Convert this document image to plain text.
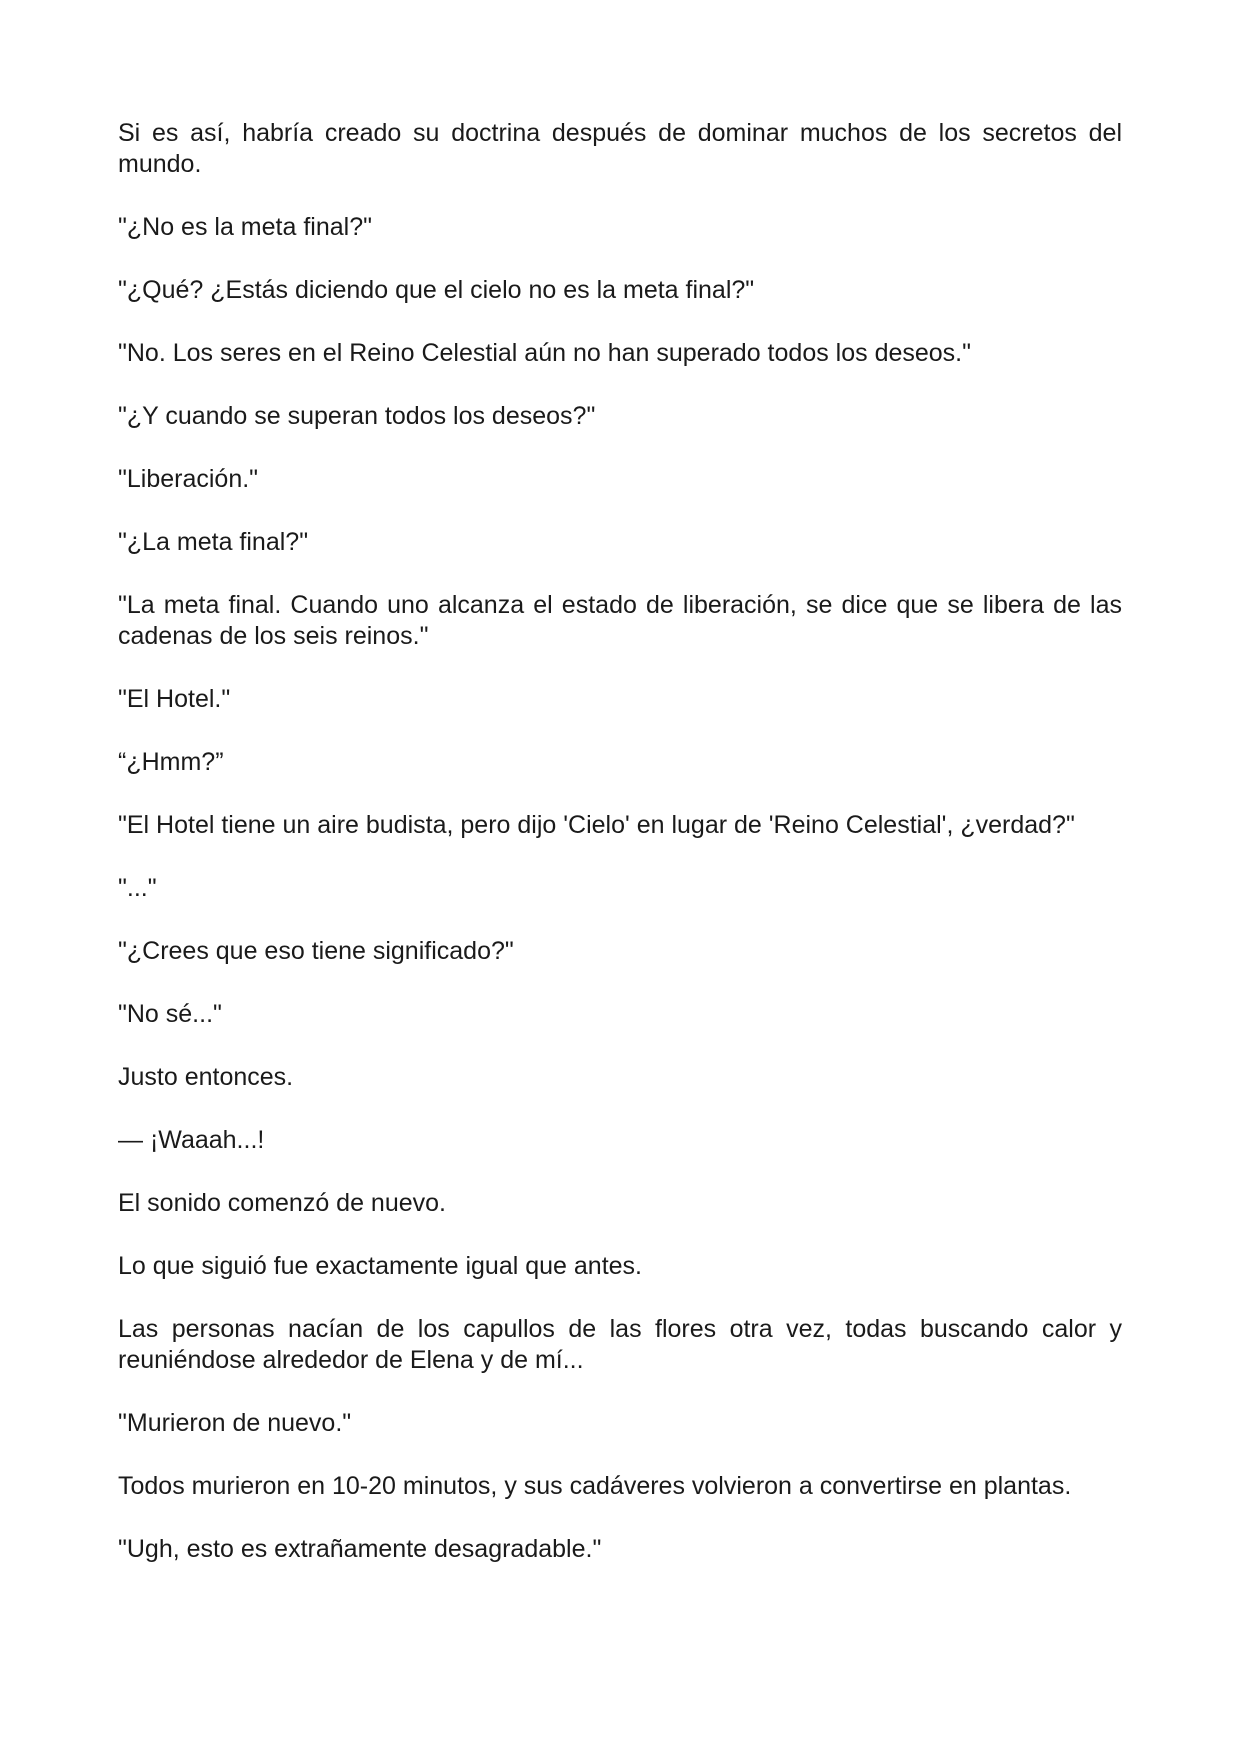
Si es así, habría creado su doctrina después de dominar muchos de los secretos del mundo.

"¿No es la meta final?"

"¿Qué? ¿Estás diciendo que el cielo no es la meta final?"

"No. Los seres en el Reino Celestial aún no han superado todos los deseos."

"¿Y cuando se superan todos los deseos?"

"Liberación."

"¿La meta final?"

"La meta final. Cuando uno alcanza el estado de liberación, se dice que se libera de las cadenas de los seis reinos."

"El Hotel."

“¿Hmm?”

"El Hotel tiene un aire budista, pero dijo 'Cielo' en lugar de 'Reino Celestial', ¿verdad?"

"..."

"¿Crees que eso tiene significado?"

"No sé..."

Justo entonces.

— ¡Waaah...!

El sonido comenzó de nuevo.

Lo que siguió fue exactamente igual que antes.

Las personas nacían de los capullos de las flores otra vez, todas buscando calor y reuniéndose alrededor de Elena y de mí...

"Murieron de nuevo."

Todos murieron en 10-20 minutos, y sus cadáveres volvieron a convertirse en plantas.

"Ugh, esto es extrañamente desagradable."
